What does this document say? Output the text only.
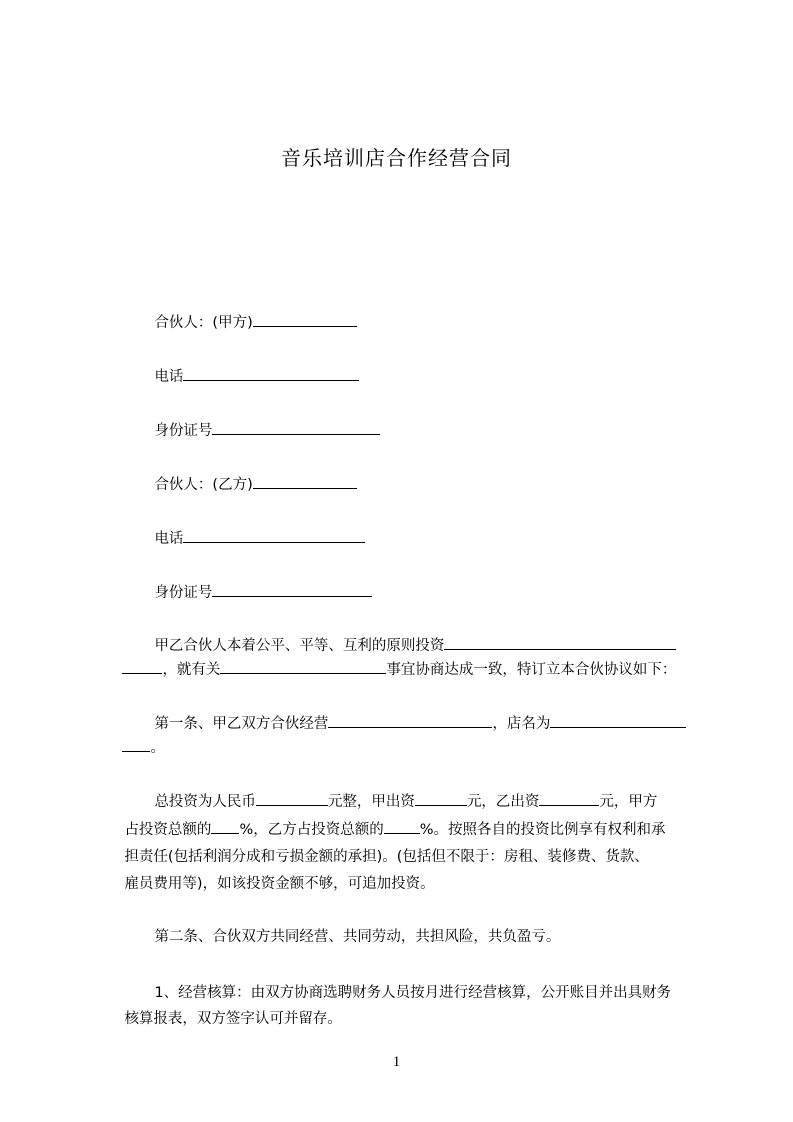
音乐培训店合作经营合同

合伙人：(甲方)

电话

身份证号

合伙人：(乙方)

电话

身份证号

甲乙合伙人本着公平、平等、互利的原则投资

，就有关	事宜协商达成一致，特订立本合伙协议如下：

第一条、甲乙双方合伙经营	，店名为

。

总投资为人民币	元整，甲出资	元，乙出资	元，甲方

占投资总额的 %，乙方占投资总额的 %。按照各自的投资比例享有权利和承

担责任(包括利润分成和亏损金额的承担)。(包括但不限于：房租、装修费、货款、

雇员费用等)，如该投资金额不够，可追加投资。

第二条、合伙双方共同经营、共同劳动，共担风险，共负盈亏。

1、经营核算：由双方协商选聘财务人员按月进行经营核算，公开账目并出具财务

核算报表，双方签字认可并留存。

1
